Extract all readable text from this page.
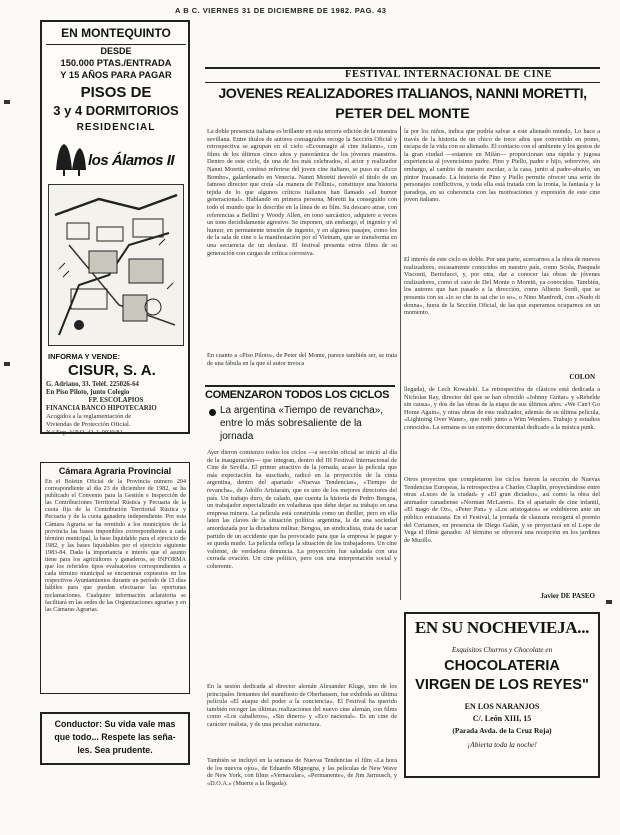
A B C. VIERNES 31 DE DICIEMBRE DE 1982. PAG. 43
EN MONTEQUINTO
DESDE
150.000 PTAS./ENTRADA
Y 15 AÑOS PARA PAGAR
PISOS DE
3 y 4 DORMITORIOS
RESIDENCIAL
los Álamos II
INFORMA Y VENDE:
CISUR, S. A.
G. Adriano, 33. Teléf. 225026-64
En Piso Piloto, junto Colegio
FP. ESCOLAPIOS
FINANCIA BANCO HIPOTECARIO
Acogidos a la reglamentación de
Viviendas de Protección Oficial.
N.º Exp. V.P.O. 41-1-0029/81.
Cámara Agraria Provincial
En el Boletín Oficial de la Provincia número 294 correspondiente al día 23 de diciembre de 1982, se ha publicado el Convenio para la Gestión e Inspección de las Contribuciones Territorial Rústica y Pecuaria de la cuota fija de la Contribución Territorial Rústica y Pecuaria y de la cuota ganadera independiente. Por esta Cámara Agraria se ha remitido a los municipios de la provincia las bases imponibles correspondientes a cada término municipal, la base liquidable para el ejercicio de 1982, y las bases liquidables por el ejercicio siguiente 1983-84. Dada la importancia e interés que el asunto tiene para los agricultores y ganaderos, se INFORMA que los referidos tipos evaluatorios correspondientes a cada término municipal se encuentran expuestos en los respectivos Ayuntamientos durante un período de 15 días hábiles para que puedan efectuarse las oportunas reclamaciones. Cualquier información aclaratoria se facilitará en las sedes de las Organizaciones agrarias y en las Cámaras Agrarias.
Conductor: Su vida vale mas
que todo... Respete las seña-
les. Sea prudente.
FESTIVAL INTERNACIONAL DE CINE
JOVENES REALIZADORES ITALIANOS, NANNI MORETTI,
PETER DEL MONTE
La doble presencia italiana es brillante en esta tercera edición de la muestra sevillana. Entre títulos de autores consagrados recoge la Sección Oficial y retrospectiva se agrupan en el cielo «Ecoumagie al cine italiano», con films de los últimos cinco años y panorámica de los jóvenes maestros. Dentro de este ciclo, de una de los más celebrados, el actor y realizador Nanni Moretti, confesó referirse del joven cine italiano, se puso su «Ecce Bombo», galardonado en Venecia. Nanni Moretti desveló el título de un famoso director que creía «la manera de Fellini», constituye una historia tejida de lo que algunos críticos italianos han llamado «el humor generacional». Hablando en primera persona, Moretti ha conseguido con todo el mundo que lo describe en la línea de su film. Su descaro atrae, con referencias a Bellini y Woody Allen, en tono sarcástico, adquiere a veces un tono decididamente agresivo. Se imponen, sin embargo, el ingenio y el humor, en permanente tensión de ingenio, y en algunos pasajes, como los de la sala de cine o la manifestación por el Vietnam, que se transforma en una secuencia de un desfase. El festival presenta otros films de su generación con cargas de crítica corrosiva.
En cuanto a «Piso Piloto», de Peter del Monte, parece también ser, se trata de una fábula en la que el autor invoca
la por los niños, indica que podría salvar a este alienado mundo. Lo hace a través de la historia de un chico de trece años que convertido en pomo, escapa de la vida con su alienado. El contacto con el ambiente y los gestos de la gran ciudad —estamos en Milán— proporcionan una rápida y jugosa experiencia al jovencísimo padre. Pino y Piello, padre e hijo, sobrevive, sin embargo, al cambio de nuestro escolar, a la casa, junto al padre-abuelo, un pintor fracasado. La historia de Pino y Piello permite ofrecer una serie de personajes conflictivos, y toda ella está tratada con la ironía, la fantasía y la paradoja, en su coherencia con las motivaciones y expresión de este cine joven italiano.
El interés de este ciclo es doble. Por una parte, acercarnos a la obra de nuevos realizadores, escasamente conocidos en nuestro país, como Scola, Pasquale Visconti, Bertolucci, y, por otra, dar a conocer las obras de jóvenes realizadores, como el caso de Del Monte o Moretti, ya conocidos. También, los autores que han pasado a la dirección, como Alberto Sordi, que se presenta con su «Io so che tu sai che io so», o Nino Manfredi, con «Nudo di donna», fuera de la Sección Oficial, de las que esperamos ocuparnos en un momento.
COLON
COMENZARON TODOS LOS CICLOS
La argentina «Tiempo de revancha», entre lo más sobresaliente de la jornada
Ayer dieron comienzo todos los ciclos —a sección oficial se inició al día de la inauguración— que integran, dentro del III Festival Internacional de Cine de Sevilla. El primer atractivo de la jornada, acaso la película que más expectación ha suscitado, radicó en la proyección de la cinta argentina, dentro del apartado «Nuevas Tendencias», «Tiempo de revancha», de Adolfo Aristarain, que es uno de los mejores directores del país. Un trabajo duro, de calado, que cuenta la historia de Pedro Bengoa, un trabajador especializado en voladuras que debe dejar su trabajo en una empresa minera. La película está construida como un thriller, pero en ella laten las claves de la situación política argentina, la de una sociedad amordazada por la dictadura militar. Bengoa, un sindicalista, trata de sacar partido de un accidente que ha provocado para que la empresa le pague y se queda mudo. La película refleja la situación de los trabajadores. Un cine valiente, de verdadera denuncia. La proyección fue saludada con una cerrada ovación. Un cine político, pero con una interpretación social y coherente.
En la sesión dedicada al director alemán Alexander Kluge, uno de los principales firmantes del manifiesto de Oberhausen, fue exhibida su última película «El ataque del poder a la conciencia». El Festival ha querido también recoger las últimas realizaciones del nuevo cine alemán, con films como «Los caballeros», «Sin dinero» y «Eco nacional». Es un cine de carácter realista, y de una peculiar estructura.
También se incluyó en la semana de Nuevas Tendencias el film «La hora de los nuevos ojos», de Eduardo Mignogna, y las películas de New Wave de New York, con films «Vernacular», «Permanente», de Jim Jarmusch, y «D.O.A.» (Muerte a la llegada).
llegada), de Lech Kowalski. La retrospectiva de clásicos está dedicada a Nicholas Ray, director del que se han ofrecido «Johnny Guitar» y «Rebelde sin causa», y dos de las obras de la etapa de sus últimos años. «We Can't Go Home Again», y otras obras de este realizador, además de su última película, «Lightning Over Water», que rodó junto a Wim Wenders. Trabajo y estudios conocidos. La semana es un estreno documental dedicado a la música punk.
Otros proyectos que completaron los ciclos fueron la sección de Nuevas Tendencias Europeas, la retrospectiva a Charles Chaplin, proyectándose entre otras «Luces de la ciudad» y «El gran dictador», así como la obra del animador canadiense «Norman McLaren». En el apartado de cine infantil, «El mago de Oz», «Peter Pan» y «Los aristogatos» se exhibieron ante un público entusiasta. En el Festival, la jornada de clausura recogerá el premio del Certamen, en presencia de Diego Galán, y se proyectará en el Lope de Vega el filme ganador. Al término se ofrecerá una recepción en los jardines de Murillo.
Javier DE PASEO
EN SU NOCHEVIEJA...
Exquisitos Churros y Chocolate en
CHOCOLATERIA
VIRGEN DE LOS REYES"
EN LOS NARANJOS
C/. León XIII, 15
(Parada Avda. de la Cruz Roja)
¡Abierta toda la noche!
